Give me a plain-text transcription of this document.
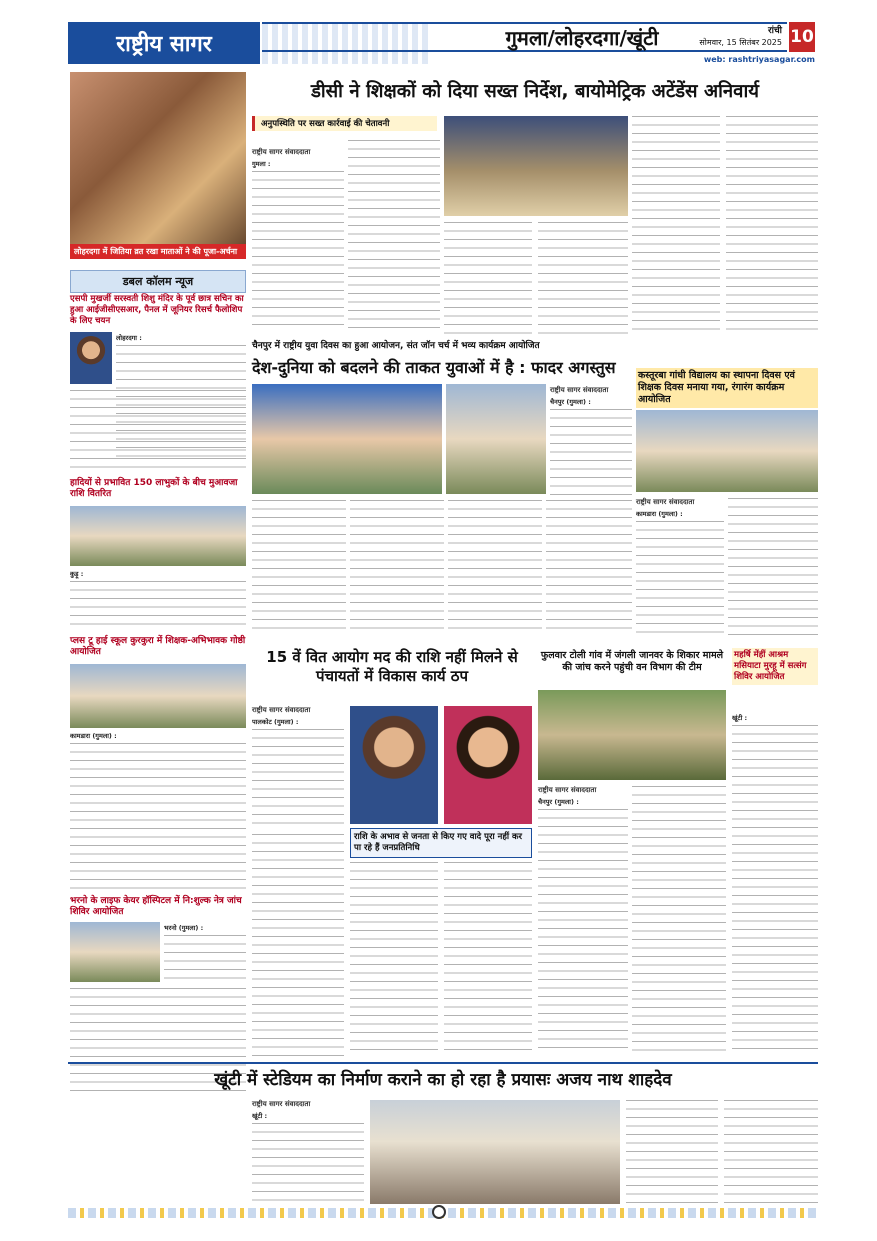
राष्ट्रीय सागर	गुमला/लोहरदगा/खूंटी	रांची
सोमवार, 15 सितंबर 2025 10
web: rashtriyasagar.com
लोहरदगा में जितिया व्रत रखा माताओं ने की पूजा-अर्चना
डबल कॉलम न्यूज
एसपी मुखर्जी सरस्वती शिशु मंदिर के पूर्व छात्र सचिन का हुआ आईजीसीएसआर, पैनल में जूनियर रिसर्च फैलोशिप के लिए चयन
लोहरदगा :
हादियों से प्रभावित 150 लाभुकों के बीच मुआवजा राशि वितरित
कुड़ू :
प्लस टू हाई स्कूल कुरकुरा में शिक्षक-अभिभावक गोष्ठी आयोजित
कामडारा (गुमला) :
भरनो के लाइफ केयर हॉस्पिटल में नि:शुल्क नेत्र जांच शिविर आयोजित
भरनो (गुमला) :
डीसी ने शिक्षकों को दिया सख्त निर्देश, बायोमेट्रिक अटेंडेंस अनिवार्य
अनुपस्थिति पर सख्त कार्रवाई की चेतावनी
राष्ट्रीय सागर संवाददाता
गुमला :
चैनपुर में राष्ट्रीय युवा दिवस का हुआ आयोजन, संत जॉन चर्च में भव्य कार्यक्रम आयोजित
देश-दुनिया को बदलने की ताकत युवाओं में है : फादर अगस्तुस
राष्ट्रीय सागर संवाददाता
चैनपुर (गुमला) :
कस्तूरबा गांधी विद्यालय का स्थापना दिवस एवं शिक्षक दिवस मनाया गया, रंगारंग कार्यक्रम आयोजित
राष्ट्रीय सागर संवाददाता
कामडारा (गुमला) :
15 वें वित आयोग मद की राशि नहीं मिलने से पंचायतों में विकास कार्य ठप
राष्ट्रीय सागर संवाददाता
पालकोट (गुमला) :
राशि के अभाव से जनता से किए गए वादे पूरा नहीं कर पा रहे हैं जनप्रतिनिधि
फुलवार टोली गांव में जंगली जानवर के शिकार मामले की जांच करने पहुंची वन विभाग की टीम
राष्ट्रीय सागर संवाददाता
चैनपुर (गुमला) :
महर्षि मेंहीं आश्रम मसियाटा मुरहू में सत्संग शिविर आयोजित
खूंटी :
खूंटी में स्टेडियम का निर्माण कराने का हो रहा है प्रयासः अजय नाथ शाहदेव
राष्ट्रीय सागर संवाददाता
खूंटी :
